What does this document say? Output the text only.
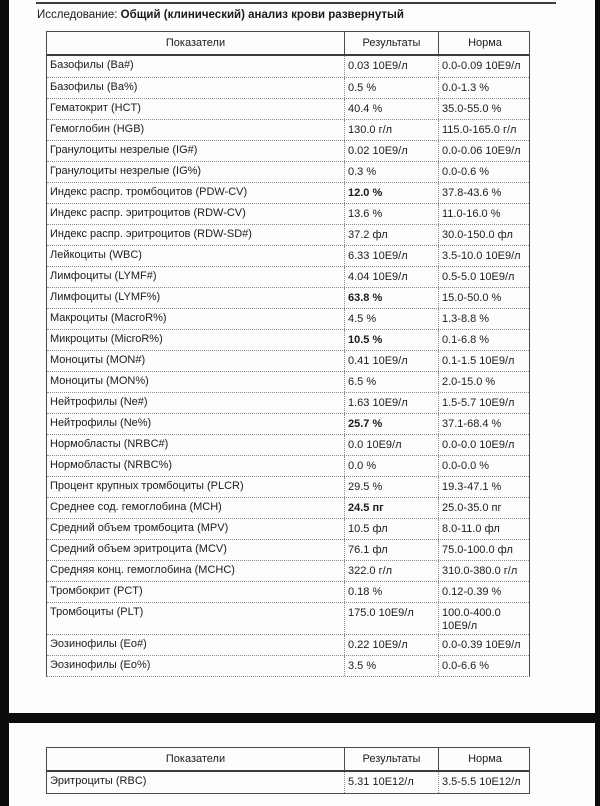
Исследование: Общий (клинический) анализ крови развернутый
Показатели	Результаты	Норма
Базофилы (Ba#)	0.03 10E9/л	0.0-0.09 10E9/л
Базофилы (Ba%)	0.5 %	0.0-1.3 %
Гематокрит (HCT)	40.4 %	35.0-55.0 %
Гемоглобин (HGB)	130.0 г/л	115.0-165.0 г/л
Гранулоциты незрелые (IG#)	0.02 10E9/л	0.0-0.06 10E9/л
Гранулоциты незрелые (IG%)	0.3 %	0.0-0.6 %
Индекс распр. тромбоцитов (PDW-CV)	12.0 %	37.8-43.6 %
Индекс распр. эритроцитов (RDW-CV)	13.6 %	11.0-16.0 %
Индекс распр. эритроцитов (RDW-SD#)	37.2 фл	30.0-150.0 фл
Лейкоциты (WBC)	6.33 10E9/л	3.5-10.0 10E9/л
Лимфоциты (LYMF#)	4.04 10E9/л	0.5-5.0 10E9/л
Лимфоциты (LYMF%)	63.8 %	15.0-50.0 %
Макроциты (MacroR%)	4.5 %	1.3-8.8 %
Микроциты (MicroR%)	10.5 %	0.1-6.8 %
Моноциты (MON#)	0.41 10E9/л	0.1-1.5 10E9/л
Моноциты (MON%)	6.5 %	2.0-15.0 %
Нейтрофилы (Ne#)	1.63 10E9/л	1.5-5.7 10E9/л
Нейтрофилы (Ne%)	25.7 %	37.1-68.4 %
Нормобласты (NRBC#)	0.0 10E9/л	0.0-0.0 10E9/л
Нормобласты (NRBC%)	0.0 %	0.0-0.0 %
Процент крупных тромбоциты (PLCR)	29.5 %	19.3-47.1 %
Среднее сод. гемоглобина (MCH)	24.5 пг	25.0-35.0 пг
Средний объем тромбоцита (MPV)	10.5 фл	8.0-11.0 фл
Средний объем эритроцита (MCV)	76.1 фл	75.0-100.0 фл
Средняя конц. гемоглобина (MCHC)	322.0 г/л	310.0-380.0 г/л
Тромбокрит (PCT)	0.18 %	0.12-0.39 %
Тромбоциты (PLT)	175.0 10E9/л	100.0-400.0 10E9/л
Эозинофилы (Eo#)	0.22 10E9/л	0.0-0.39 10E9/л
Эозинофилы (Eo%)	3.5 %	0.0-6.6 %
Показатели	Результаты	Норма
Эритроциты (RBC)	5.31 10E12/л	3.5-5.5 10E12/л
